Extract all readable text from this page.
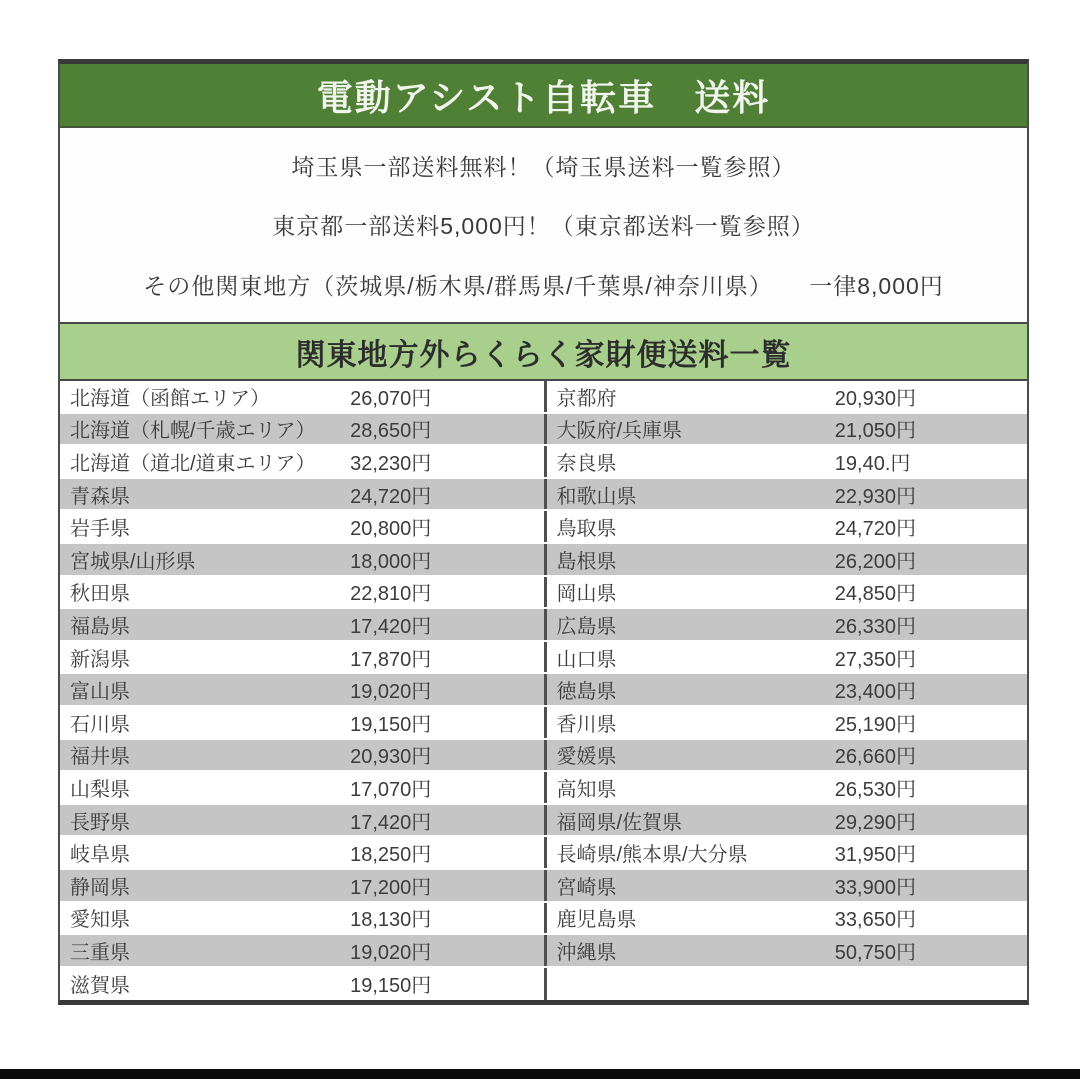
電動アシスト自転車　送料
埼玉県一部送料無料！（埼玉県送料一覧参照）
東京都一部送料5,000円！（東京都送料一覧参照）
その他関東地方（茨城県/栃木県/群馬県/千葉県/神奈川県）　　一律8,000円
関東地方外らくらく家財便送料一覧
北海道（函館エリア）	26,070円	京都府	20,930円
北海道（札幌/千歳エリア）	28,650円	大阪府/兵庫県	21,050円
北海道（道北/道東エリア）	32,230円	奈良県	19,40.円
青森県	24,720円	和歌山県	22,930円
岩手県	20,800円	鳥取県	24,720円
宮城県/山形県	18,000円	島根県	26,200円
秋田県	22,810円	岡山県	24,850円
福島県	17,420円	広島県	26,330円
新潟県	17,870円	山口県	27,350円
富山県	19,020円	徳島県	23,400円
石川県	19,150円	香川県	25,190円
福井県	20,930円	愛媛県	26,660円
山梨県	17,070円	高知県	26,530円
長野県	17,420円	福岡県/佐賀県	29,290円
岐阜県	18,250円	長崎県/熊本県/大分県	31,950円
静岡県	17,200円	宮崎県	33,900円
愛知県	18,130円	鹿児島県	33,650円
三重県	19,020円	沖縄県	50,750円
滋賀県	19,150円
